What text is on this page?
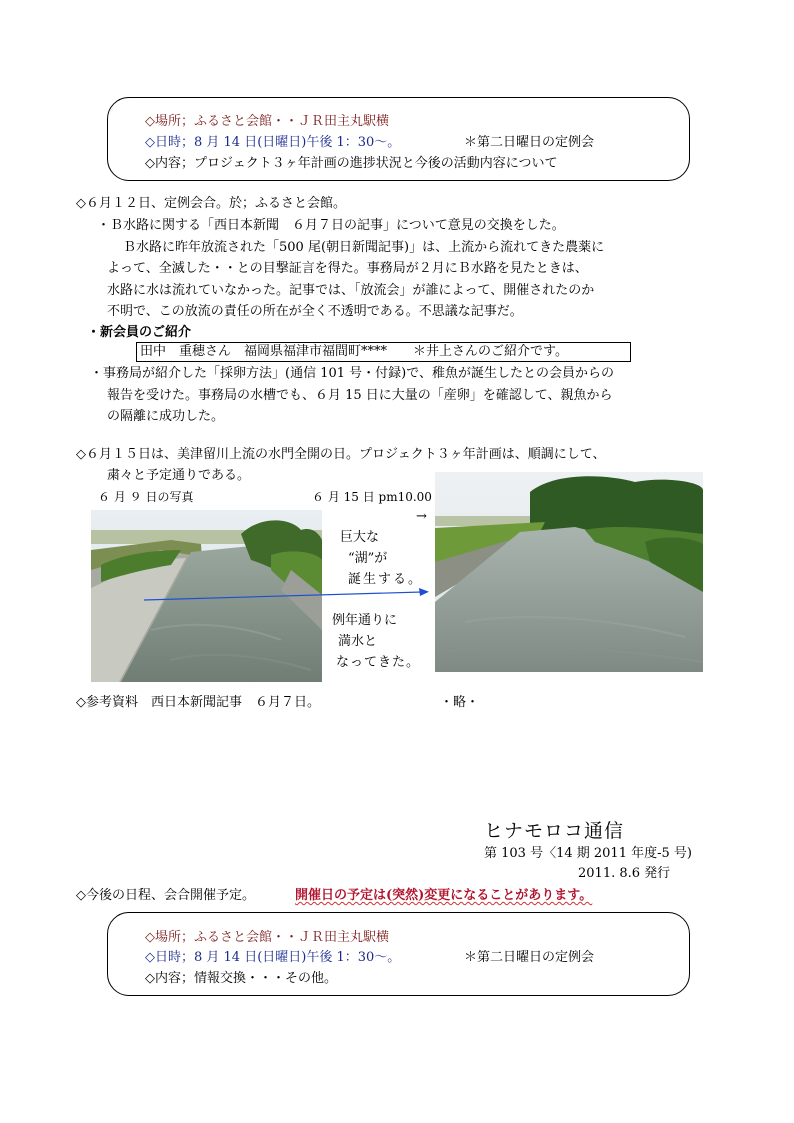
◇場所；ふるさと会館・・ＪＲ田主丸駅横
◇日時；8 月 14 日(日曜日)午後 1：30～。	＊第二日曜日の定例会
◇内容；プロジェクト３ヶ年計画の進捗状況と今後の活動内容について
◇６月１２日、定例会合。於；ふるさと会館。
・Ｂ水路に関する「西日本新聞　６月７日の記事」について意見の交換をした。
Ｂ水路に昨年放流された「500 尾(朝日新聞記事)」は、上流から流れてきた農薬に
よって、全滅した・・との目撃証言を得た。事務局が２月にＢ水路を見たときは、
水路に水は流れていなかった。記事では、「放流会」が誰によって、開催されたのか
不明で、この放流の責任の所在が全く不透明である。不思議な記事だ。
・新会員のご紹介
田中　重穂さん　福岡県福津市福間町****　　＊井上さんのご紹介です。
・事務局が紹介した「採卵方法」(通信 101 号・付録)で、稚魚が誕生したとの会員からの
報告を受けた。事務局の水槽でも、６月 15 日に大量の「産卵」を確認して、親魚から
の隔離に成功した。
◇６月１５日は、美津留川上流の水門全開の日。プロジェクト３ヶ年計画は、順調にして、
粛々と予定通りである。
６ 月 ９ 日の写真	６ 月 15 日 pm10.00
→
巨大な
“湖”が
誕生する。
例年通りに
満水と
なってきた。
◇参考資料　西日本新聞記事　６月７日。	・略・
ヒナモロコ通信
第 103 号〈14 期 2011 年度-5 号)
2011. 8.6 発行
◇今後の日程、会合開催予定。	開催日の予定は(突然)変更になることがあります。
◇場所；ふるさと会館・・ＪＲ田主丸駅横
◇日時；8 月 14 日(日曜日)午後 1：30～。	＊第二日曜日の定例会
◇内容；情報交換・・・その他。
